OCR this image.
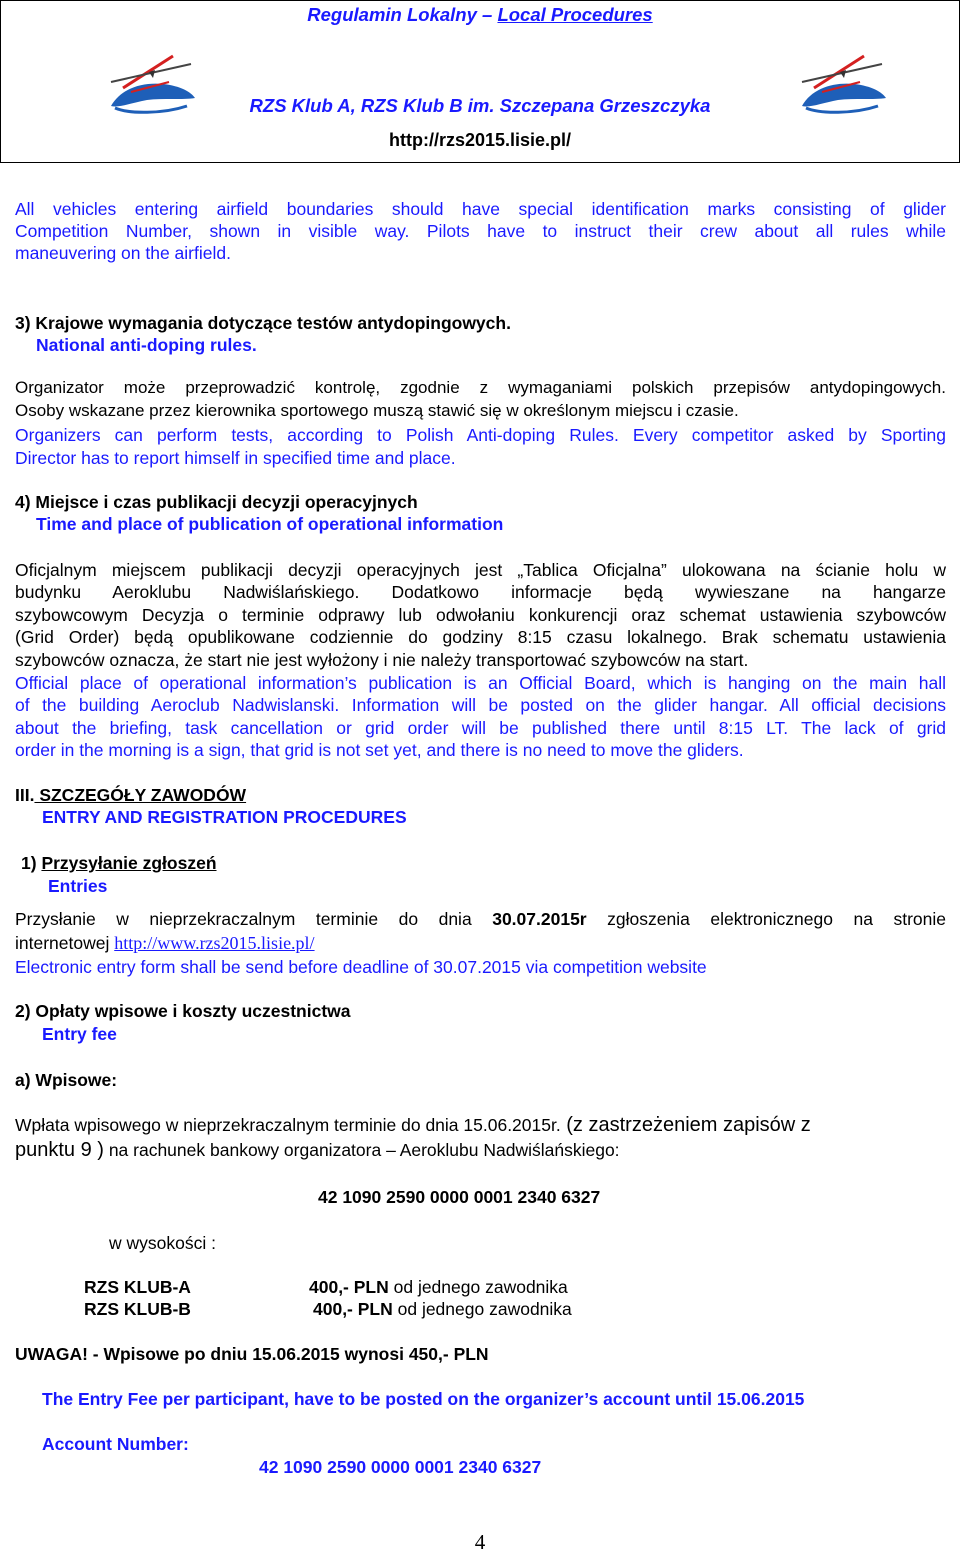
Regulamin Lokalny – Local Procedures
RZS Klub A, RZS Klub B im. Szczepana Grzeszczyka
http://rzs2015.lisie.pl/
All vehicles entering airfield boundaries should have special identification marks consisting of glider
Competition Number, shown in visible way. Pilots have to instruct their crew about all rules while
maneuvering on the airfield.
3) Krajowe wymagania dotyczące testów antydopingowych.
National anti-doping rules.
Organizator może przeprowadzić kontrolę, zgodnie z wymaganiami polskich przepisów antydopingowych.
Osoby wskazane przez kierownika sportowego muszą stawić się w określonym miejscu i czasie.
Organizers can perform tests, according to Polish Anti-doping Rules. Every competitor asked by Sporting
Director has to report himself in specified time and place.
4) Miejsce i czas publikacji decyzji operacyjnych
Time and place of publication of operational information
Oficjalnym miejscem publikacji decyzji operacyjnych jest „Tablica Oficjalna” ulokowana na ścianie holu w
budynku Aeroklubu Nadwiślańskiego. Dodatkowo informacje będą wywieszane na hangarze
szybowcowym Decyzja o terminie odprawy lub odwołaniu konkurencji oraz schemat ustawienia szybowców
(Grid Order) będą opublikowane codziennie do godziny 8:15 czasu lokalnego. Brak schematu ustawienia
szybowców oznacza, że start nie jest wyłożony i nie należy transportować szybowców na start.
Official place of operational information’s publication is an Official Board, which is hanging on the main hall
of the building Aeroclub Nadwislanski. Information will be posted on the glider hangar. All official decisions
about the briefing, task cancellation or grid order will be published there until 8:15 LT. The lack of grid
order in the morning is a sign, that grid is not set yet, and there is no need to move the gliders.
III. SZCZEGÓŁY ZAWODÓW
ENTRY AND REGISTRATION PROCEDURES
1) Przysyłanie zgłoszeń
Entries
Przysłanie w nieprzekraczalnym terminie do dnia 30.07.2015r zgłoszenia elektronicznego na stronie
internetowej http://www.rzs2015.lisie.pl/
Electronic entry form shall be send before deadline of 30.07.2015 via competition website
2) Opłaty wpisowe i koszty uczestnictwa
Entry fee
a) Wpisowe:
Wpłata wpisowego w nieprzekraczalnym terminie do dnia 15.06.2015r. (z zastrzeżeniem zapisów z
punktu 9 ) na rachunek bankowy organizatora – Aeroklubu Nadwiślańskiego:
42 1090 2590 0000 0001 2340 6327
w wysokości :
RZS KLUB-A	400,- PLN od jednego zawodnika
RZS KLUB-B	400,- PLN od jednego zawodnika
UWAGA! - Wpisowe po dniu 15.06.2015 wynosi 450,- PLN
The Entry Fee per participant, have to be posted on the organizer’s account until 15.06.2015
Account Number:
42 1090 2590 0000 0001 2340 6327
4
